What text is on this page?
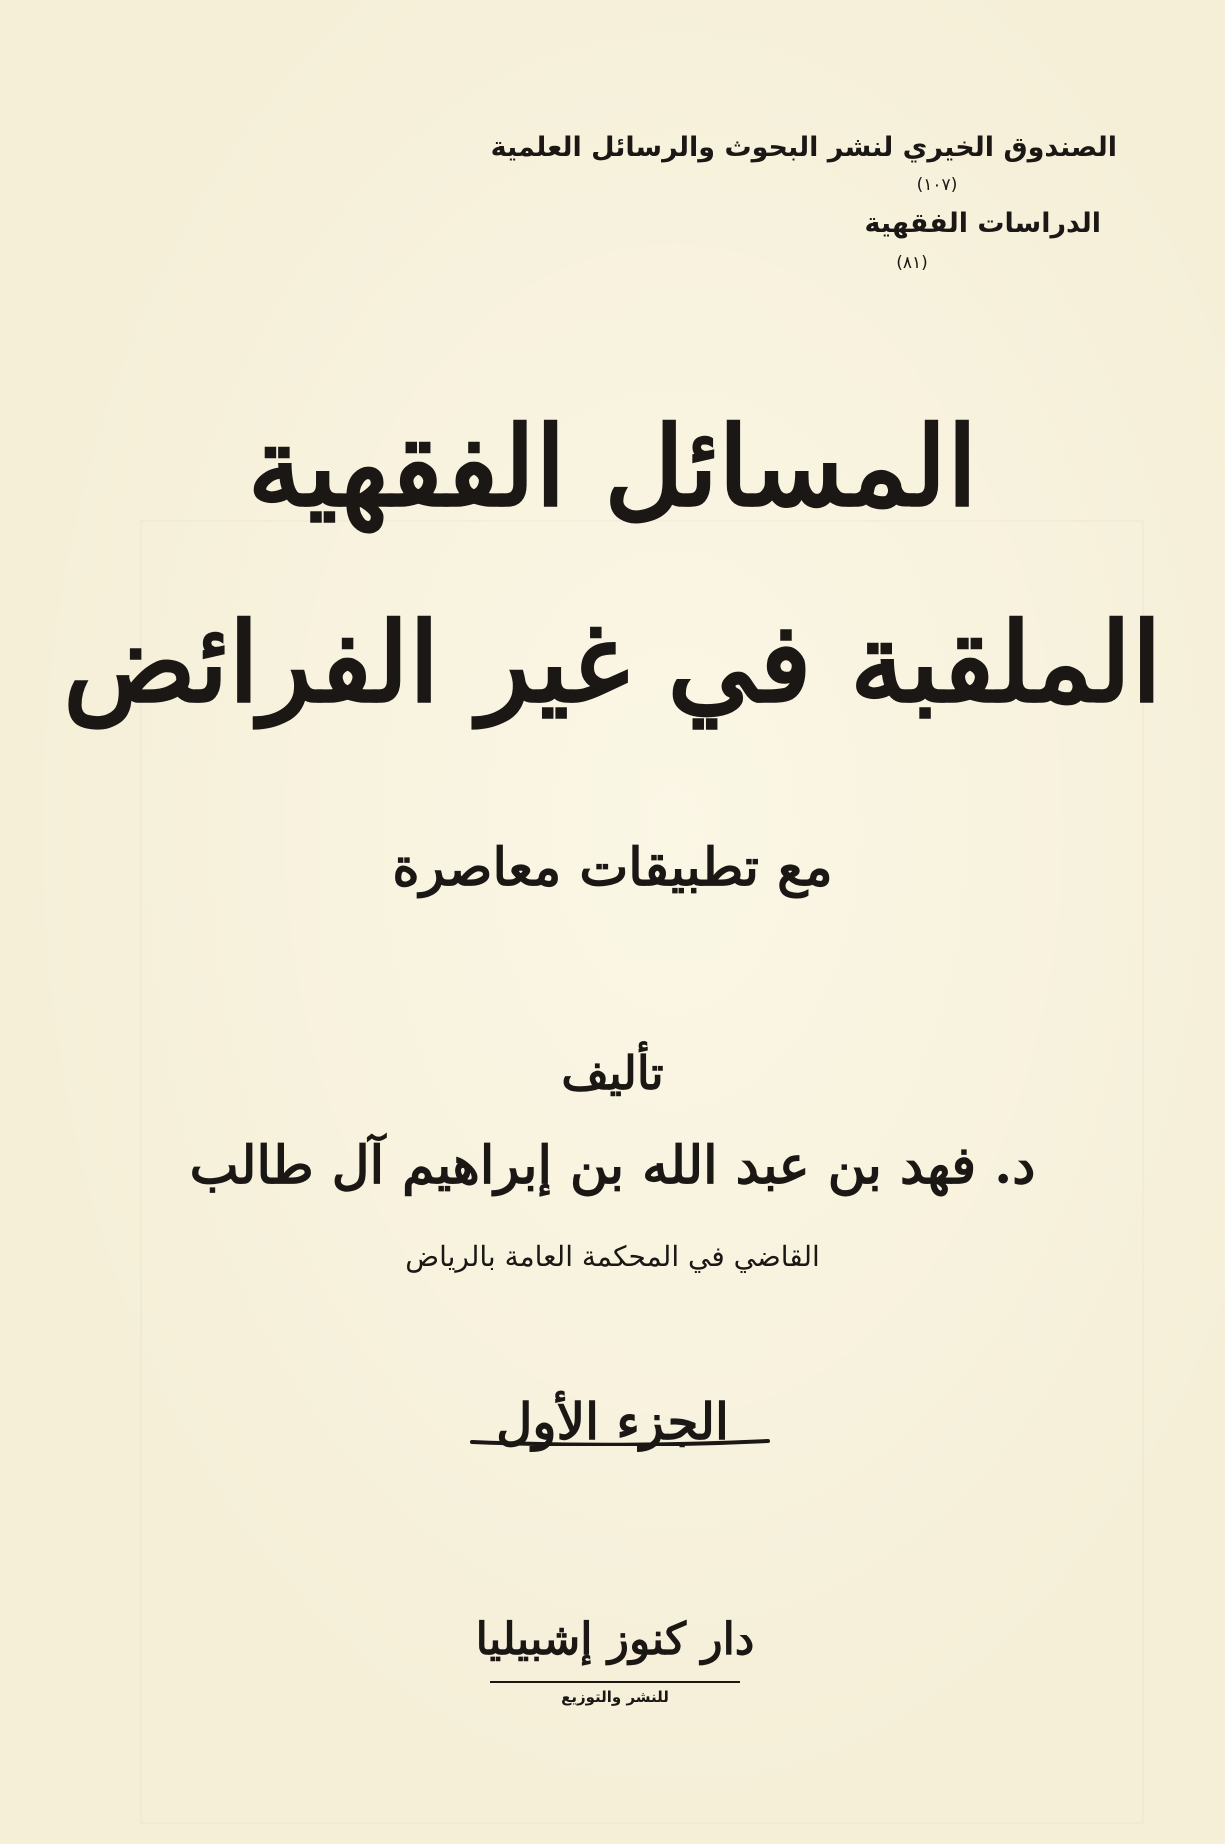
الصندوق الخيري لنشر البحوث والرسائل العلمية
(١٠٧)
الدراسات الفقهية
(٨١)
المسائل الفقهية
الملقبة في غير الفرائض
مع تطبيقات معاصرة
تأليف
د. فهد بن عبد الله بن إبراهيم آل طالب
القاضي في المحكمة العامة بالرياض
الجزء الأول
دار كنوز إشبيليا
للنشر والتوزيع
